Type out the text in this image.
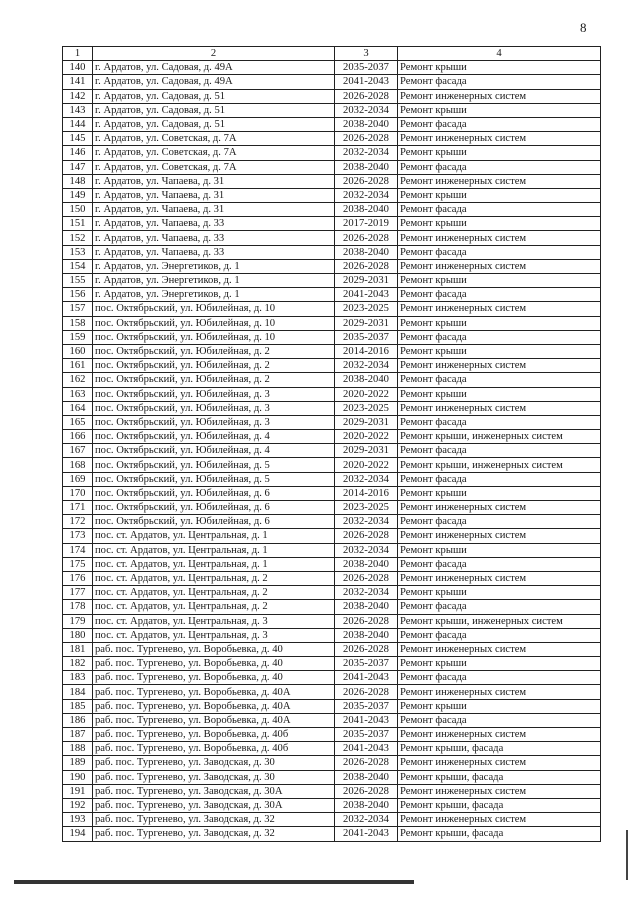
8
1	2	3	4
140	г. Ардатов, ул. Садовая, д. 49А	2035-2037	Ремонт крыши
141	г. Ардатов, ул. Садовая, д. 49А	2041-2043	Ремонт фасада
142	г. Ардатов, ул. Садовая, д. 51	2026-2028	Ремонт инженерных систем
143	г. Ардатов, ул. Садовая, д. 51	2032-2034	Ремонт крыши
144	г. Ардатов, ул. Садовая, д. 51	2038-2040	Ремонт фасада
145	г. Ардатов, ул. Советская, д. 7А	2026-2028	Ремонт инженерных систем
146	г. Ардатов, ул. Советская, д. 7А	2032-2034	Ремонт крыши
147	г. Ардатов, ул. Советская, д. 7А	2038-2040	Ремонт фасада
148	г. Ардатов, ул. Чапаева, д. 31	2026-2028	Ремонт инженерных систем
149	г. Ардатов, ул. Чапаева, д. 31	2032-2034	Ремонт крыши
150	г. Ардатов, ул. Чапаева, д. 31	2038-2040	Ремонт фасада
151	г. Ардатов, ул. Чапаева, д. 33	2017-2019	Ремонт крыши
152	г. Ардатов, ул. Чапаева, д. 33	2026-2028	Ремонт инженерных систем
153	г. Ардатов, ул. Чапаева, д. 33	2038-2040	Ремонт фасада
154	г. Ардатов, ул. Энергетиков, д. 1	2026-2028	Ремонт инженерных систем
155	г. Ардатов, ул. Энергетиков, д. 1	2029-2031	Ремонт крыши
156	г. Ардатов, ул. Энергетиков, д. 1	2041-2043	Ремонт фасада
157	пос. Октябрьский, ул. Юбилейная, д. 10	2023-2025	Ремонт инженерных систем
158	пос. Октябрьский, ул. Юбилейная, д. 10	2029-2031	Ремонт крыши
159	пос. Октябрьский, ул. Юбилейная, д. 10	2035-2037	Ремонт фасада
160	пос. Октябрьский, ул. Юбилейная, д. 2	2014-2016	Ремонт крыши
161	пос. Октябрьский, ул. Юбилейная, д. 2	2032-2034	Ремонт инженерных систем
162	пос. Октябрьский, ул. Юбилейная, д. 2	2038-2040	Ремонт фасада
163	пос. Октябрьский, ул. Юбилейная, д. 3	2020-2022	Ремонт крыши
164	пос. Октябрьский, ул. Юбилейная, д. 3	2023-2025	Ремонт инженерных систем
165	пос. Октябрьский, ул. Юбилейная, д. 3	2029-2031	Ремонт фасада
166	пос. Октябрьский, ул. Юбилейная, д. 4	2020-2022	Ремонт крыши, инженерных систем
167	пос. Октябрьский, ул. Юбилейная, д. 4	2029-2031	Ремонт фасада
168	пос. Октябрьский, ул. Юбилейная, д. 5	2020-2022	Ремонт крыши, инженерных систем
169	пос. Октябрьский, ул. Юбилейная, д. 5	2032-2034	Ремонт фасада
170	пос. Октябрьский, ул. Юбилейная, д. 6	2014-2016	Ремонт крыши
171	пос. Октябрьский, ул. Юбилейная, д. 6	2023-2025	Ремонт инженерных систем
172	пос. Октябрьский, ул. Юбилейная, д. 6	2032-2034	Ремонт фасада
173	пос. ст. Ардатов, ул. Центральная, д. 1	2026-2028	Ремонт инженерных систем
174	пос. ст. Ардатов, ул. Центральная, д. 1	2032-2034	Ремонт крыши
175	пос. ст. Ардатов, ул. Центральная, д. 1	2038-2040	Ремонт фасада
176	пос. ст. Ардатов, ул. Центральная, д. 2	2026-2028	Ремонт инженерных систем
177	пос. ст. Ардатов, ул. Центральная, д. 2	2032-2034	Ремонт крыши
178	пос. ст. Ардатов, ул. Центральная, д. 2	2038-2040	Ремонт фасада
179	пос. ст. Ардатов, ул. Центральная, д. 3	2026-2028	Ремонт крыши, инженерных систем
180	пос. ст. Ардатов, ул. Центральная, д. 3	2038-2040	Ремонт фасада
181	раб. пос. Тургенево, ул. Воробьевка, д. 40	2026-2028	Ремонт инженерных систем
182	раб. пос. Тургенево, ул. Воробьевка, д. 40	2035-2037	Ремонт крыши
183	раб. пос. Тургенево, ул. Воробьевка, д. 40	2041-2043	Ремонт фасада
184	раб. пос. Тургенево, ул. Воробьевка, д. 40А	2026-2028	Ремонт инженерных систем
185	раб. пос. Тургенево, ул. Воробьевка, д. 40А	2035-2037	Ремонт крыши
186	раб. пос. Тургенево, ул. Воробьевка, д. 40А	2041-2043	Ремонт фасада
187	раб. пос. Тургенево, ул. Воробьевка, д. 40б	2035-2037	Ремонт инженерных систем
188	раб. пос. Тургенево, ул. Воробьевка, д. 40б	2041-2043	Ремонт крыши, фасада
189	раб. пос. Тургенево, ул. Заводская, д. 30	2026-2028	Ремонт инженерных систем
190	раб. пос. Тургенево, ул. Заводская, д. 30	2038-2040	Ремонт крыши, фасада
191	раб. пос. Тургенево, ул. Заводская, д. 30А	2026-2028	Ремонт инженерных систем
192	раб. пос. Тургенево, ул. Заводская, д. 30А	2038-2040	Ремонт крыши, фасада
193	раб. пос. Тургенево, ул. Заводская, д. 32	2032-2034	Ремонт инженерных систем
194	раб. пос. Тургенево, ул. Заводская, д. 32	2041-2043	Ремонт крыши, фасада
